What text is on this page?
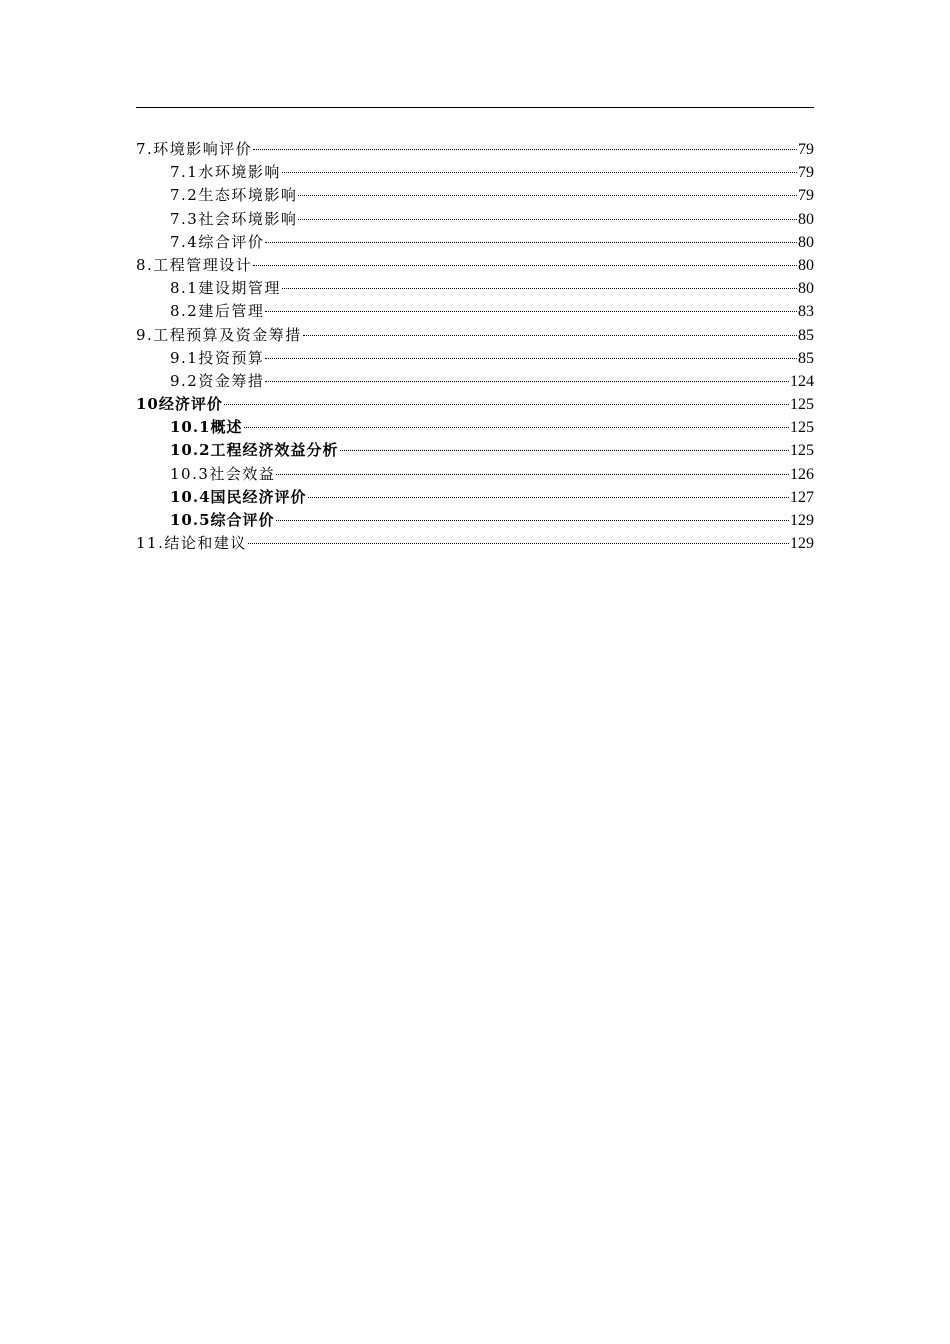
7.环境影响评价	79
7.1水环境影响	79
7.2生态环境影响	79
7.3社会环境影响	80
7.4综合评价	80
8.工程管理设计	80
8.1建设期管理	80
8.2建后管理	83
9.工程预算及资金筹措	85
9.1投资预算	85
9.2资金筹措	124
10经济评价	125
10.1概述	125
10.2工程经济效益分析	125
10.3社会效益	126
10.4国民经济评价	127
10.5综合评价	129
11.结论和建议	129
